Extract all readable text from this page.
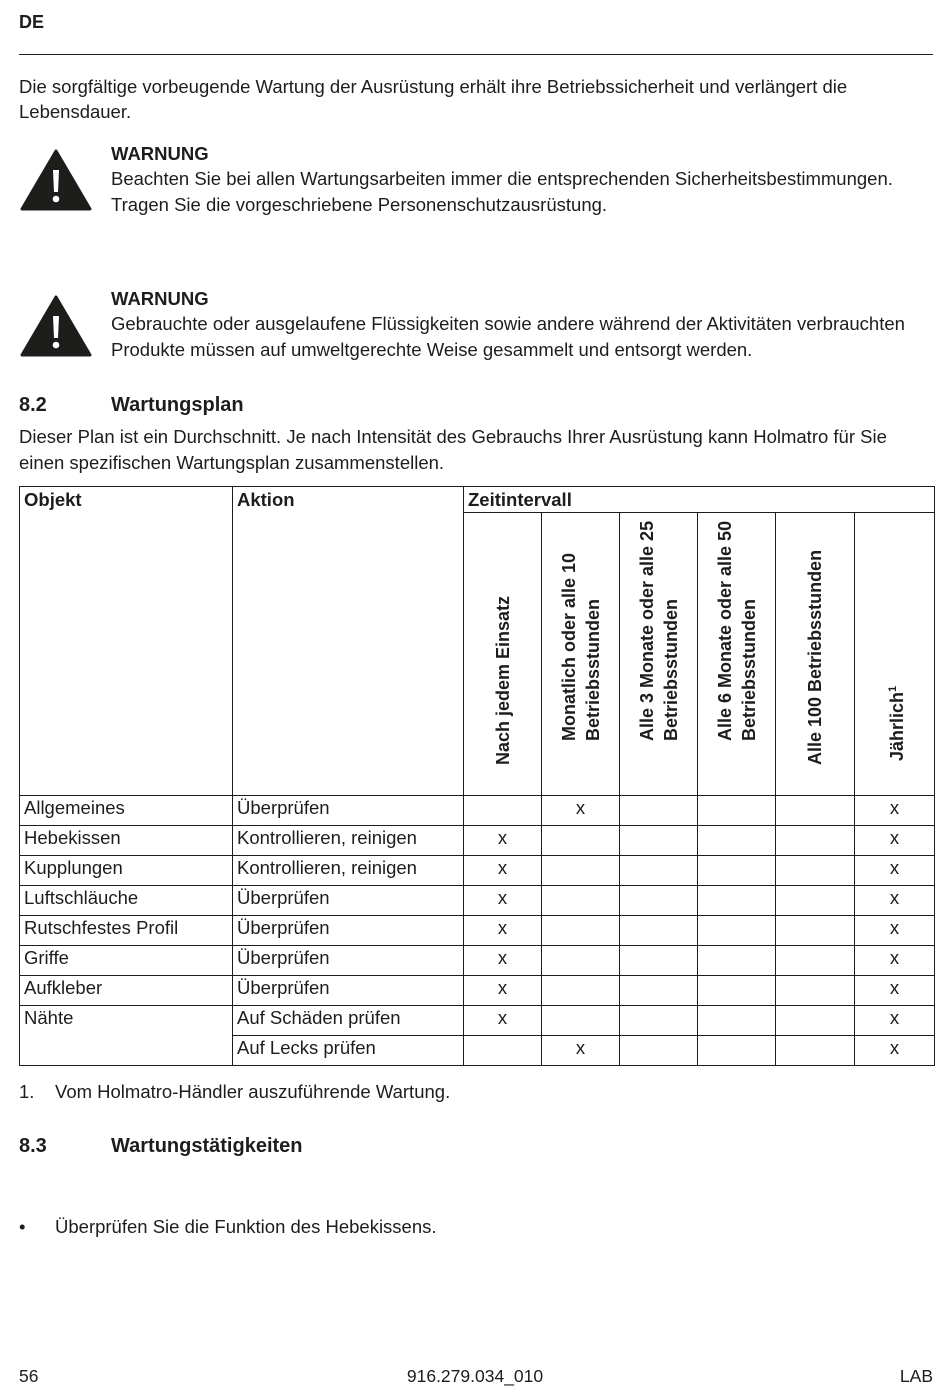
DE
Die sorgfältige vorbeugende Wartung der Ausrüstung erhält ihre Betriebssicherheit und verlängert die Lebensdauer.
WARNUNG
Beachten Sie bei allen Wartungsarbeiten immer die entsprechenden Sicherheitsbestimmungen. Tragen Sie die vorgeschriebene Personenschutzausrüstung.
WARNUNG
Gebrauchte oder ausgelaufene Flüssigkeiten sowie andere während der Aktivitäten verbrauchten Produkte müssen auf umweltgerechte Weise gesammelt und entsorgt werden.
8.2	Wartungsplan
Dieser Plan ist ein Durchschnitt. Je nach Intensität des Gebrauchs Ihrer Ausrüstung kann Holmatro für Sie einen spezifischen Wartungsplan zusammenstellen.
Objekt	Aktion	Zeitintervall					

		Nach jedem Einsatz	Monatlich oder alle 10 Betriebsstunden	Alle 3 Monate oder alle 25 Betriebsstunden	Alle 6 Monate oder alle 50 Betriebsstunden	Alle 100 Betriebsstunden	Jährlich$^1$

Allgemeines	Überprüfen		x				x
Hebekissen	Kontrollieren, reinigen	x					x
Kupplungen	Kontrollieren, reinigen	x					x
Luftschläuche	Überprüfen	x					x
Rutschfestes Profil	Überprüfen	x					x
Griffe	Überprüfen	x					x
Aufkleber	Überprüfen	x					x
Nähte	Auf Schäden prüfen	x					x
	Auf Lecks prüfen		x				x
1. Vom Holmatro-Händler auszuführende Wartung.
8.3	Wartungstätigkeiten
• Überprüfen Sie die Funktion des Hebekissens.
56	916.279.034_010	LAB
